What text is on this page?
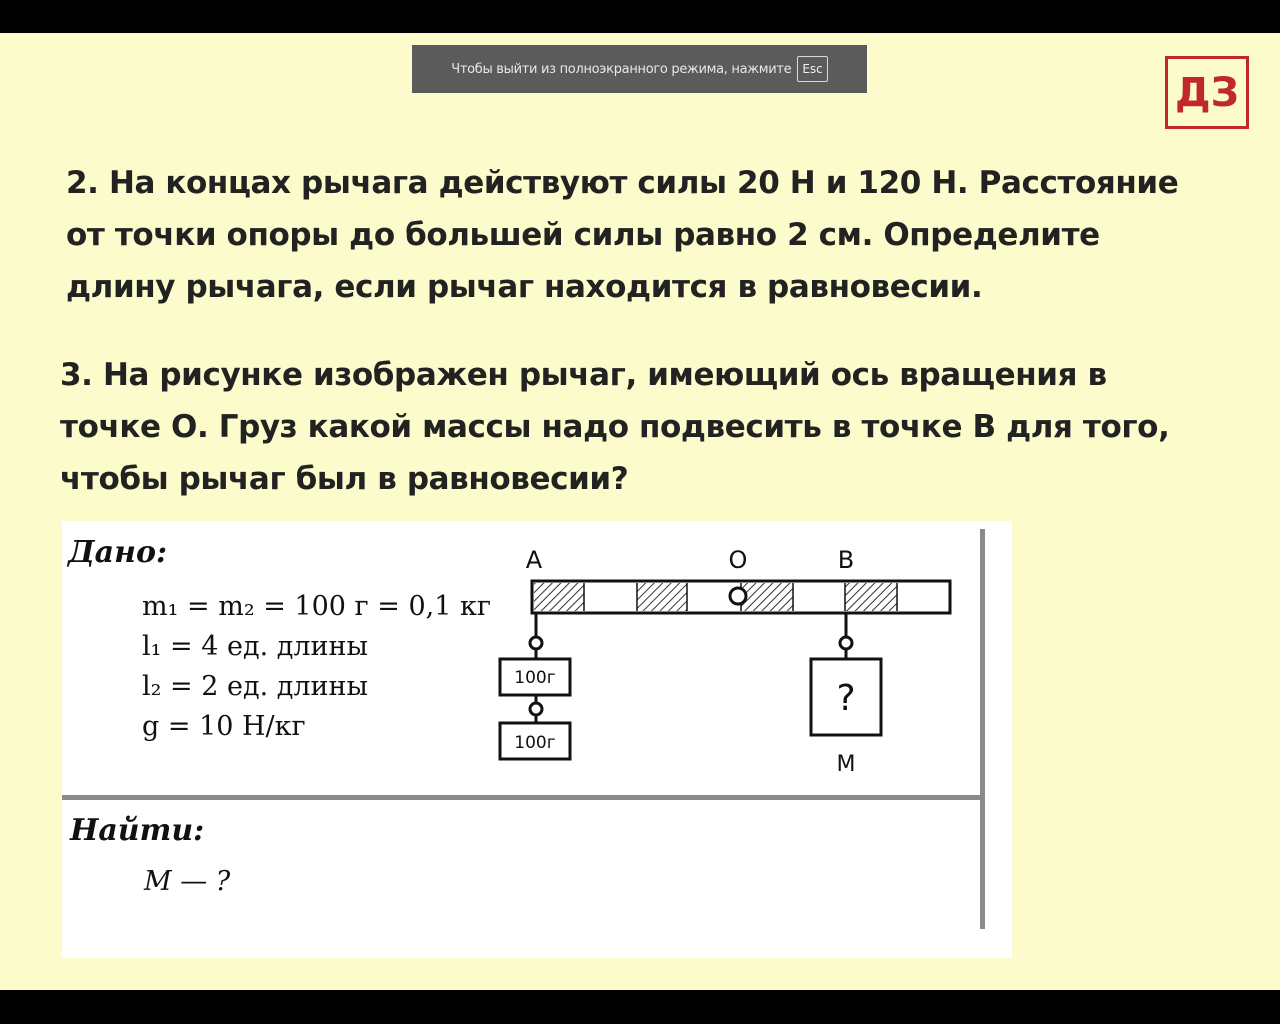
Чтобы выйти из полноэкранного режима, нажмите Esc
ДЗ
2. На концах рычага действуют силы 20 Н и 120 Н. Расстояние
от точки опоры до большей силы равно 2 см. Определите
длину рычага, если рычаг находится в равновесии.
3. На рисунке изображен рычаг, имеющий ось вращения в
точке О. Груз какой массы надо подвесить в точке В для того,
чтобы рычаг был в равновесии?
Дано:
m₁ = m₂ = 100 г = 0,1 кг
l₁ = 4 ед. длины
l₂ = 2 ед. длины
g = 10 Н/кг
Найти:
M — ?
A	O	B
100г
100г
?
M
